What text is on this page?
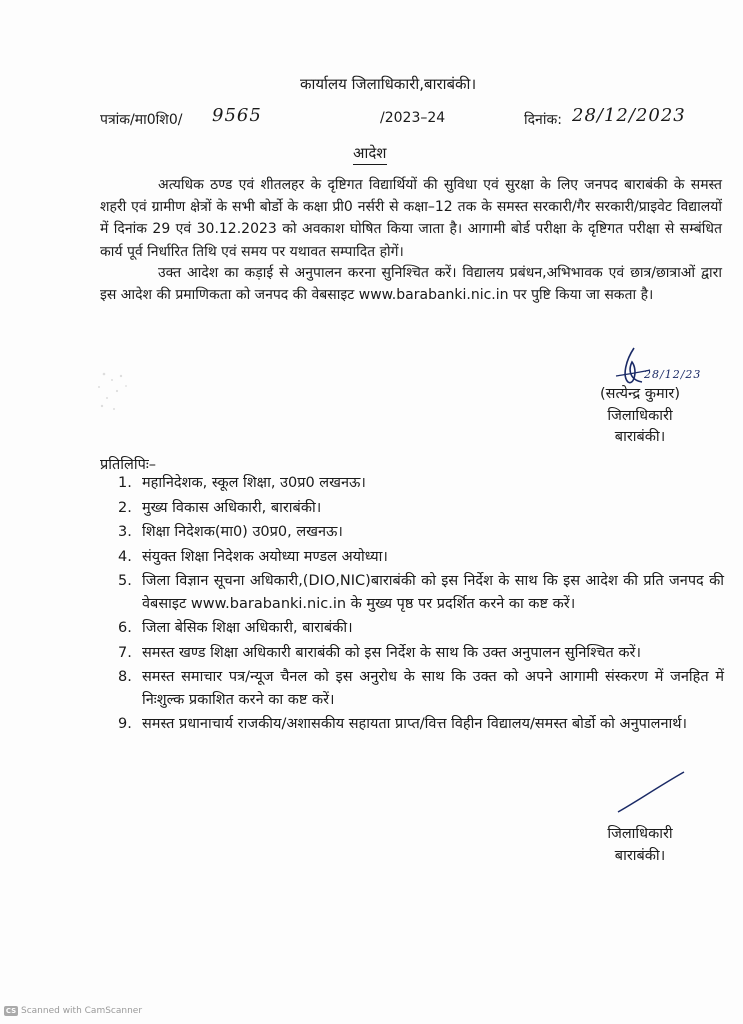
कार्यालय जिलाधिकारी,बाराबंकी।
पत्रांक/मा0शि0/ 9565	/2023–24	दिनांक: 28/12/2023
आदेश

अत्यधिक ठण्ड एवं शीतलहर के दृष्टिगत विद्यार्थियों की सुविधा एवं सुरक्षा के लिए जनपद बाराबंकी के समस्त शहरी एवं ग्रामीण क्षेत्रों के सभी बोर्डो के कक्षा प्री0 नर्सरी से कक्षा–12 तक के समस्त सरकारी/गैर सरकारी/प्राइवेट विद्यालयों में दिनांक 29 एवं 30.12.2023 को अवकाश घोषित किया जाता है। आगामी बोर्ड परीक्षा के दृष्टिगत परीक्षा से सम्बंधित कार्य पूर्व निर्धारित तिथि एवं समय पर यथावत सम्पादित होगें।

उक्त आदेश का कड़ाई से अनुपालन करना सुनिश्चित करें। विद्यालय प्रबंधन,अभिभावक एवं छात्र/छात्राओं द्वारा इस आदेश की प्रमाणिकता को जनपद की वेबसाइट www.barabanki.nic.in पर पुष्टि किया जा सकता है।

28/12/23
(सत्येन्द्र कुमार)
जिलाधिकारी
बाराबंकी।
प्रतिलिपिः–
1. महानिदेशक, स्कूल शिक्षा, उ0प्र0 लखनऊ।
2. मुख्य विकास अधिकारी, बाराबंकी।
3. शिक्षा निदेशक(मा0) उ0प्र0, लखनऊ।
4. संयुक्त शिक्षा निदेशक अयोध्या मण्डल अयोध्या।
5. जिला विज्ञान सूचना अधिकारी,(DIO,NIC)बाराबंकी को इस निर्देश के साथ कि इस आदेश की प्रति जनपद की वेबसाइट www.barabanki.nic.in के मुख्य पृष्ठ पर प्रदर्शित करने का कष्ट करें।
6. जिला बेसिक शिक्षा अधिकारी, बाराबंकी।
7. समस्त खण्ड शिक्षा अधिकारी बाराबंकी को इस निर्देश के साथ कि उक्त अनुपालन सुनिश्चित करें।
8. समस्त समाचार पत्र/न्यूज चैनल को इस अनुरोध के साथ कि उक्त को अपने आगामी संस्करण में जनहित में निःशुल्क प्रकाशित करने का कष्ट करें।
9. समस्त प्रधानाचार्य राजकीय/अशासकीय सहायता प्राप्त/वित्त विहीन विद्यालय/समस्त बोर्डो को अनुपालनार्थ।
जिलाधिकारी
बाराबंकी।
CS Scanned with CamScanner
